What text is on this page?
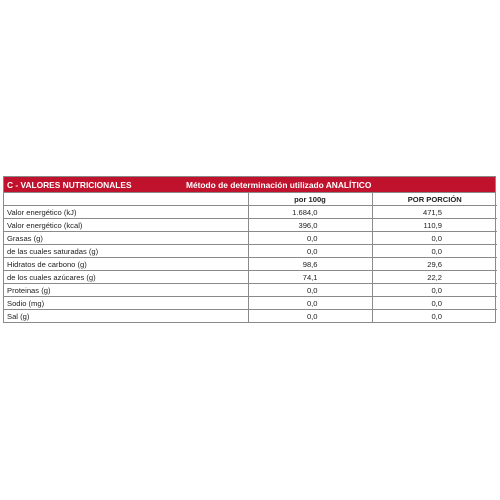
C - VALORES NUTRICIONALES	Método de determinación utilizado ANALÍTICO
	por 100g	POR PORCIÓN
Valor energético (kJ)	1.684,0	471,5
Valor energético (kcal)	396,0	110,9
Grasas (g)	0,0	0,0
de las cuales saturadas (g)	0,0	0,0
Hidratos de carbono (g)	98,6	29,6
de los cuales azúcares (g)	74,1	22,2
Proteinas (g)	0,0	0,0
Sodio (mg)	0,0	0,0
Sal (g)	0,0	0,0
